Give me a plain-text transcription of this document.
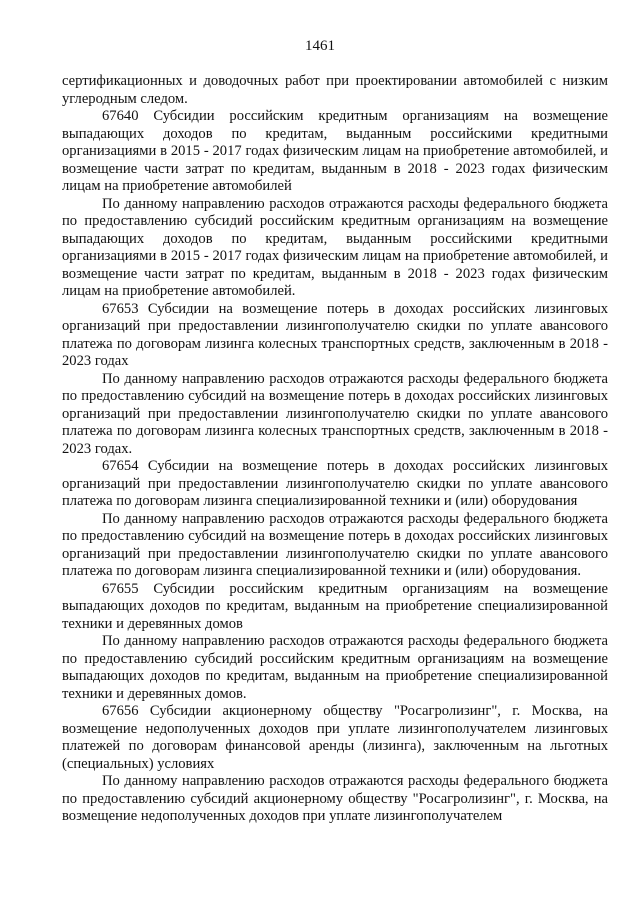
1461

сертификационных и доводочных работ при проектировании автомобилей с низким углеродным следом.

67640 Субсидии российским кредитным организациям на возмещение выпадающих доходов по кредитам, выданным российскими кредитными организациями в 2015 - 2017 годах физическим лицам на приобретение автомобилей, и возмещение части затрат по кредитам, выданным в 2018 - 2023 годах физическим лицам на приобретение автомобилей

По данному направлению расходов отражаются расходы федерального бюджета по предоставлению субсидий российским кредитным организациям на возмещение выпадающих доходов по кредитам, выданным российскими кредитными организациями в 2015 - 2017 годах физическим лицам на приобретение автомобилей, и возмещение части затрат по кредитам, выданным в 2018 - 2023 годах физическим лицам на приобретение автомобилей.

67653 Субсидии на возмещение потерь в доходах российских лизинговых организаций при предоставлении лизингополучателю скидки по уплате авансового платежа по договорам лизинга колесных транспортных средств, заключенным в 2018 - 2023 годах

По данному направлению расходов отражаются расходы федерального бюджета по предоставлению субсидий на возмещение потерь в доходах российских лизинговых организаций при предоставлении лизингополучателю скидки по уплате авансового платежа по договорам лизинга колесных транспортных средств, заключенным в 2018 - 2023 годах.

67654 Субсидии на возмещение потерь в доходах российских лизинговых организаций при предоставлении лизингополучателю скидки по уплате авансового платежа по договорам лизинга специализированной техники и (или) оборудования

По данному направлению расходов отражаются расходы федерального бюджета по предоставлению субсидий на возмещение потерь в доходах российских лизинговых организаций при предоставлении лизингополучателю скидки по уплате авансового платежа по договорам лизинга специализированной техники и (или) оборудования.

67655 Субсидии российским кредитным организациям на возмещение выпадающих доходов по кредитам, выданным на приобретение специализированной техники и деревянных домов

По данному направлению расходов отражаются расходы федерального бюджета по предоставлению субсидий российским кредитным организациям на возмещение выпадающих доходов по кредитам, выданным на приобретение специализированной техники и деревянных домов.

67656 Субсидии акционерному обществу "Росагролизинг", г. Москва, на возмещение недополученных доходов при уплате лизингополучателем лизинговых платежей по договорам финансовой аренды (лизинга), заключенным на льготных (специальных) условиях

По данному направлению расходов отражаются расходы федерального бюджета по предоставлению субсидий акционерному обществу "Росагролизинг", г. Москва, на возмещение недополученных доходов при уплате лизингополучателем
